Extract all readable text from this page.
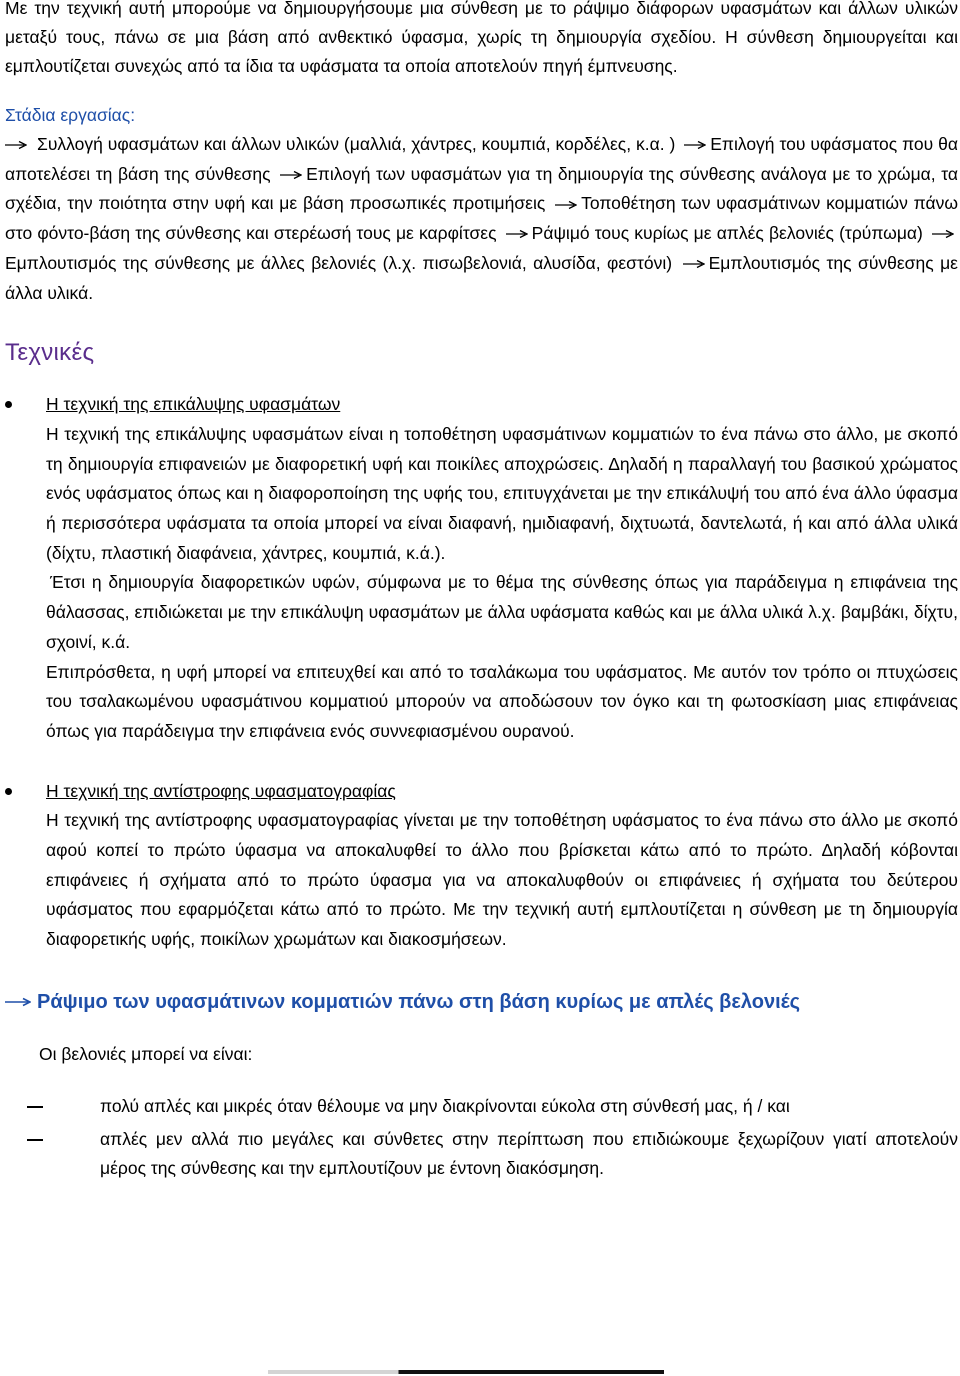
Με την τεχνική αυτή μπορούμε να δημιουργήσουμε μια σύνθεση με το ράψιμο διάφορων υφασμάτων και άλλων υλικών μεταξύ τους, πάνω σε μια βάση από ανθεκτικό ύφασμα, χωρίς τη δημιουργία σχεδίου. Η σύνθεση δημιουργείται και εμπλουτίζεται συνεχώς από τα ίδια τα υφάσματα τα οποία αποτελούν πηγή έμπνευσης.

Στάδια εργασίας:

Συλλογή υφασμάτων και άλλων υλικών (μαλλιά, χάντρες, κουμπιά, κορδέλες, κ.α. ) Επιλογή του υφάσματος που θα αποτελέσει τη βάση της σύνθεσης Επιλογή των υφασμάτων για τη δημιουργία της σύνθεσης ανάλογα με το χρώμα, τα σχέδια, την ποιότητα στην υφή και με βάση προσωπικές προτιμήσεις Τοποθέτηση των υφασμάτινων κομματιών πάνω στο φόντο-βάση της σύνθεσης και στερέωσή τους με καρφίτσες Ράψιμό τους κυρίως με απλές βελονιές (τρύπωμα)
Εμπλουτισμός της σύνθεσης με άλλες βελονιές (λ.χ. πισωβελονιά, αλυσίδα, φεστόνι) Εμπλουτισμός της σύνθεσης με άλλα υλικά.

Τεχνικές

Η τεχνική της επικάλυψης υφασμάτων

Η τεχνική της επικάλυψης υφασμάτων είναι η τοποθέτηση υφασμάτινων κομματιών το ένα πάνω στο άλλο, με σκοπό τη δημιουργία επιφανειών με διαφορετική υφή και ποικίλες αποχρώσεις. Δηλαδή η παραλλαγή του βασικού χρώματος ενός υφάσματος όπως και η διαφοροποίηση της υφής του, επιτυγχάνεται με την επικάλυψή του από ένα άλλο ύφασμα ή περισσότερα υφάσματα τα οποία μπορεί να είναι διαφανή, ημιδιαφανή, διχτυωτά, δαντελωτά, ή και από άλλα υλικά (δίχτυ, πλαστική διαφάνεια, χάντρες, κουμπιά, κ.ά.).

Έτσι η δημιουργία διαφορετικών υφών, σύμφωνα με το θέμα της σύνθεσης όπως για παράδειγμα η επιφάνεια της θάλασσας, επιδιώκεται με την επικάλυψη υφασμάτων με άλλα υφάσματα καθώς και με άλλα υλικά λ.χ. βαμβάκι, δίχτυ, σχοινί, κ.ά.

Επιπρόσθετα, η υφή μπορεί να επιτευχθεί και από το τσαλάκωμα του υφάσματος. Με αυτόν τον τρόπο οι πτυχώσεις του τσαλακωμένου υφασμάτινου κομματιού μπορούν να αποδώσουν τον όγκο και τη φωτοσκίαση μιας επιφάνειας όπως για παράδειγμα την επιφάνεια ενός συννεφιασμένου ουρανού.

Η τεχνική της αντίστροφης υφασματογραφίας

Η τεχνική της αντίστροφης υφασματογραφίας γίνεται με την τοποθέτηση υφάσματος το ένα πάνω στο άλλο με σκοπό αφού κοπεί το πρώτο ύφασμα να αποκαλυφθεί το άλλο που βρίσκεται κάτω από το πρώτο. Δηλαδή κόβονται επιφάνειες ή σχήματα από το πρώτο ύφασμα για να αποκαλυφθούν οι επιφάνειες ή σχήματα του δεύτερου υφάσματος που εφαρμόζεται κάτω από το πρώτο. Με την τεχνική αυτή εμπλουτίζεται η σύνθεση με τη δημιουργία διαφορετικής υφής, ποικίλων χρωμάτων και διακοσμήσεων.

Ράψιμο των υφασμάτινων κομματιών πάνω στη βάση κυρίως με απλές βελονιές

Οι βελονιές μπορεί να είναι:

πολύ απλές και μικρές όταν θέλουμε να μην διακρίνονται εύκολα στη σύνθεσή μας, ή / και
απλές μεν αλλά πιο μεγάλες και σύνθετες στην περίπτωση που επιδιώκουμε ξεχωρίζουν γιατί αποτελούν μέρος της σύνθεσης και την εμπλουτίζουν με έντονη διακόσμηση.
